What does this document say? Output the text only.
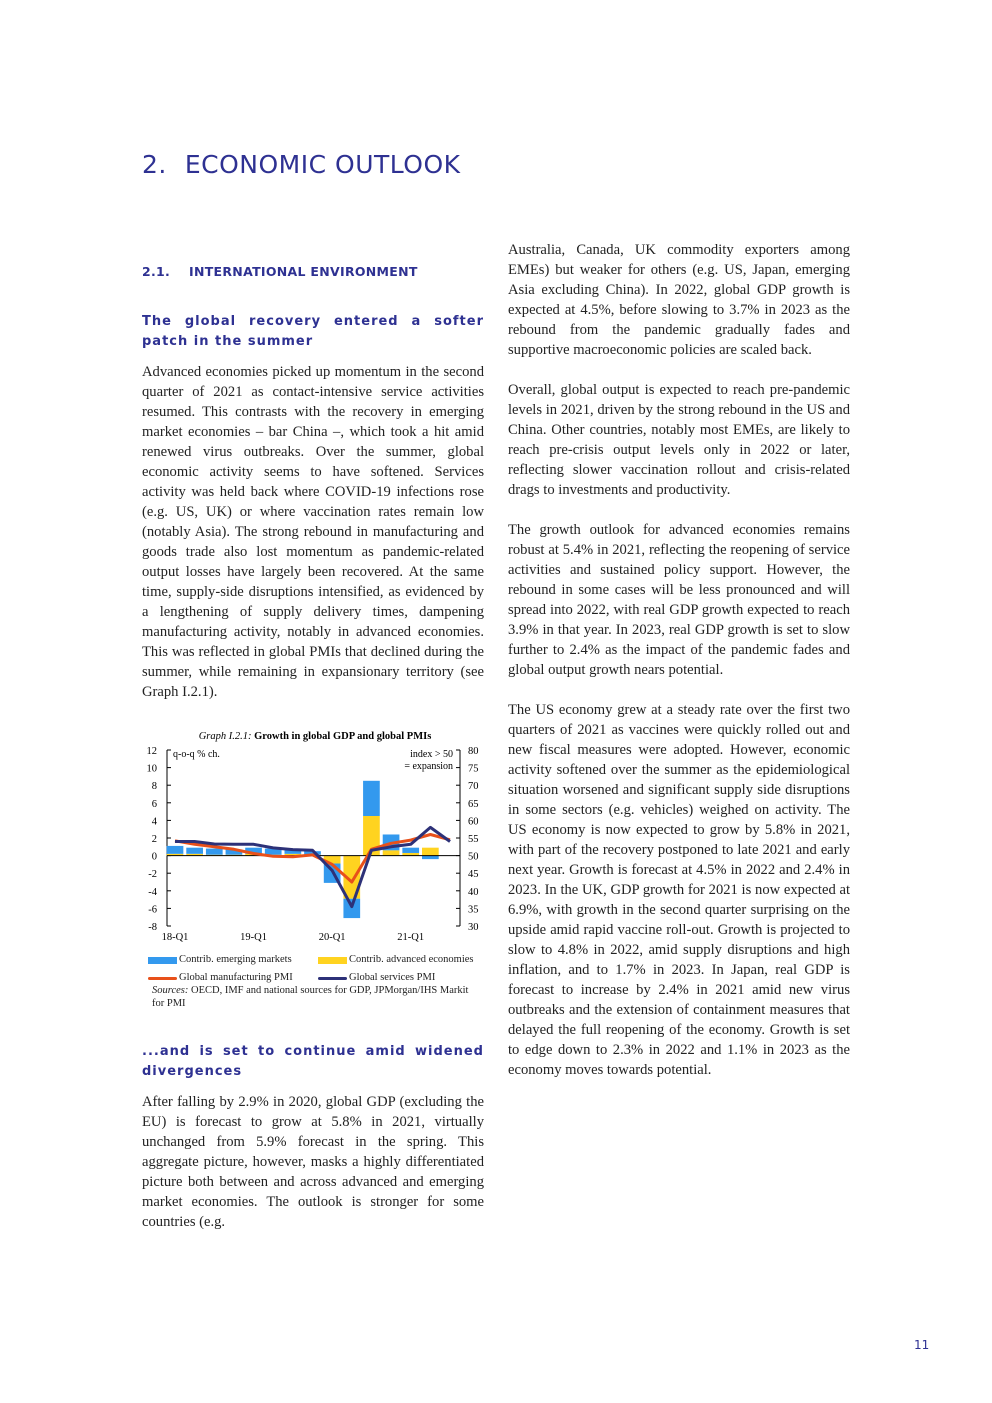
2. ECONOMIC OUTLOOK
2.1. INTERNATIONAL ENVIRONMENT
The global recovery entered a softer patch in the summer

Advanced economies picked up momentum in the second quarter of 2021 as contact-intensive service activities resumed. This contrasts with the recovery in emerging market economies – bar China –, which took a hit amid renewed virus outbreaks. Over the summer, global economic activity seems to have softened. Services activity was held back where COVID-19 infections rose (e.g. US, UK) or where vaccination rates remain low (notably Asia). The strong rebound in manufacturing and goods trade also lost momentum as pandemic-related output losses have largely been recovered. At the same time, supply-side disruptions intensified, as evidenced by a lengthening of supply delivery times, dampening manufacturing activity, notably in advanced economies. This was reflected in global PMIs that declined during the summer, while remaining in expansionary territory (see Graph I.2.1).

Graph I.2.1: Growth in global GDP and global PMIs
12
10
8
6
4
2
0
-2
-4
-6
-8
80
75
70
65
60
55
50
45
40
35
30
q-o-q % ch.	index > 50
= expansion
18-Q1	19-Q1	20-Q1	21-Q1
Contrib. emerging markets	Contrib. advanced economies
Global manufacturing PMI	Global services PMI
Sources: OECD, IMF and national sources for GDP, JPMorgan/IHS Markit for PMI
...and is set to continue amid widened divergences

After falling by 2.9% in 2020, global GDP (excluding the EU) is forecast to grow at 5.8% in 2021, virtually unchanged from 5.9% forecast in the spring. This aggregate picture, however, masks a highly differentiated picture both between and across advanced and emerging market economies. The outlook is stronger for some countries (e.g.

Australia, Canada, UK commodity exporters among EMEs) but weaker for others (e.g. US, Japan, emerging Asia excluding China). In 2022, global GDP growth is expected at 4.5%, before slowing to 3.7% in 2023 as the rebound from the pandemic gradually fades and supportive macroeconomic policies are scaled back.

Overall, global output is expected to reach pre-pandemic levels in 2021, driven by the strong rebound in the US and China. Other countries, notably most EMEs, are likely to reach pre-crisis output levels only in 2022 or later, reflecting slower vaccination rollout and crisis-related drags to investments and productivity.

The growth outlook for advanced economies remains robust at 5.4% in 2021, reflecting the reopening of service activities and sustained policy support. However, the rebound in some cases will be less pronounced and will spread into 2022, with real GDP growth expected to reach 3.9% in that year. In 2023, real GDP growth is set to slow further to 2.4% as the impact of the pandemic fades and global output growth nears potential.

The US economy grew at a steady rate over the first two quarters of 2021 as vaccines were quickly rolled out and new fiscal measures were adopted. However, economic activity softened over the summer as the epidemiological situation worsened and significant supply side disruptions in some sectors (e.g. vehicles) weighed on activity. The US economy is now expected to grow by 5.8% in 2021, with part of the recovery postponed to late 2021 and early next year. Growth is forecast at 4.5% in 2022 and 2.4% in 2023. In the UK, GDP growth for 2021 is now expected at 6.9%, with growth in the second quarter surprising on the upside amid rapid vaccine roll-out. Growth is projected to slow to 4.8% in 2022, amid supply disruptions and high inflation, and to 1.7% in 2023. In Japan, real GDP is forecast to increase by 2.4% in 2021 amid new virus outbreaks and the extension of containment measures that delayed the full reopening of the economy. Growth is set to edge down to 2.3% in 2022 and 1.1% in 2023 as the economy moves towards potential.

11
